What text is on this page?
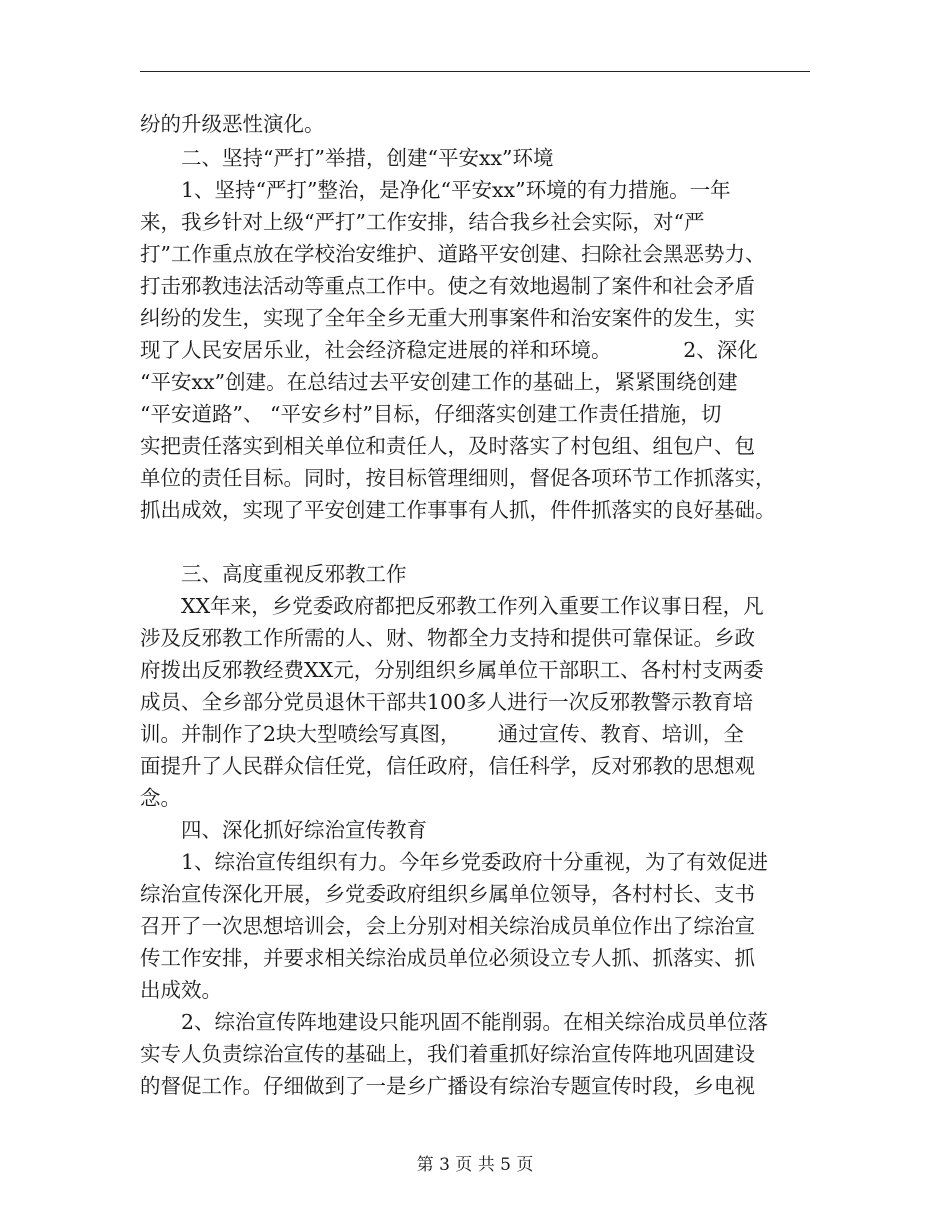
纷的升级恶性演化。
　　二、坚持“严打”举措，创建“平安xx”环境
　　1、坚持“严打”整治，是净化“平安xx”环境的有力措施。一年
来，我乡针对上级“严打”工作安排，结合我乡社会实际，对“严
打”工作重点放在学校治安维护、道路平安创建、扫除社会黑恶势力、
打击邪教违法活动等重点工作中。使之有效地遏制了案件和社会矛盾
纠纷的发生，实现了全年全乡无重大刑事案件和治安案件的发生，实
现了人民安居乐业，社会经济稳定进展的祥和环境。　　　　2、深化
“平安xx”创建。在总结过去平安创建工作的基础上，紧紧围绕创建
“平安道路”、 “平安乡村”目标，仔细落实创建工作责任措施，切
实把责任落实到相关单位和责任人，及时落实了村包组、组包户、包
单位的责任目标。同时，按目标管理细则，督促各项环节工作抓落实，
抓出成效，实现了平安创建工作事事有人抓，件件抓落实的良好基础。
　　三、高度重视反邪教工作
　　XX年来，乡党委政府都把反邪教工作列入重要工作议事日程，凡
涉及反邪教工作所需的人、财、物都全力支持和提供可靠保证。乡政
府拨出反邪教经费XX元，分别组织乡属单位干部职工、各村村支两委
成员、全乡部分党员退休干部共100多人进行一次反邪教警示教育培
训。并制作了2块大型喷绘写真图，　　 通过宣传、教育、培训，全
面提升了人民群众信任党，信任政府，信任科学，反对邪教的思想观
念。
　　四、深化抓好综治宣传教育
　　1、综治宣传组织有力。今年乡党委政府十分重视，为了有效促进
综治宣传深化开展，乡党委政府组织乡属单位领导，各村村长、支书
召开了一次思想培训会，会上分别对相关综治成员单位作出了综治宣
传工作安排，并要求相关综治成员单位必须设立专人抓、抓落实、抓
出成效。
　　2、综治宣传阵地建设只能巩固不能削弱。在相关综治成员单位落
实专人负责综治宣传的基础上，我们着重抓好综治宣传阵地巩固建设
的督促工作。仔细做到了一是乡广播设有综治专题宣传时段，乡电视
第 3 页 共 5 页
